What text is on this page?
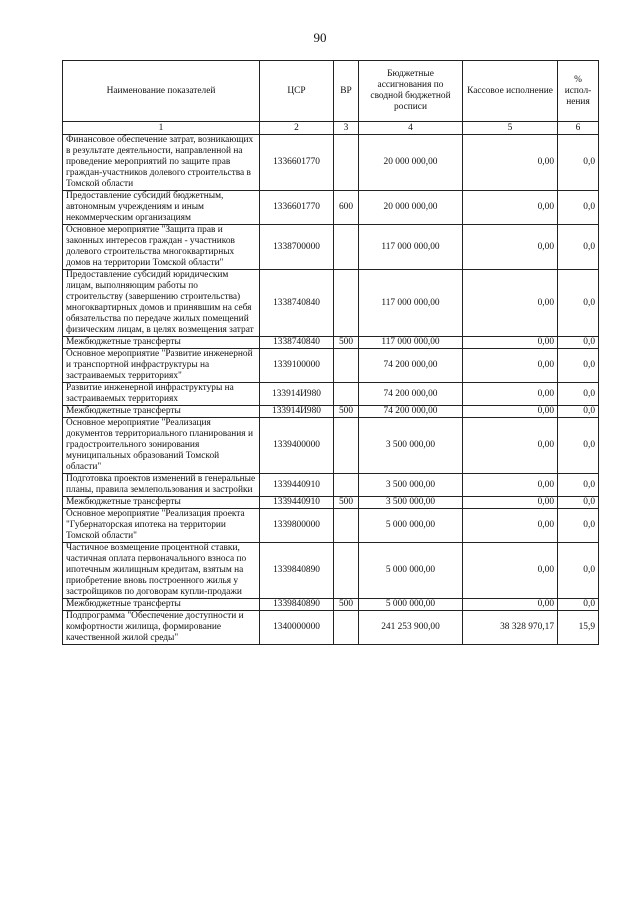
90
Наименование показателей	ЦСР	ВР	Бюджетные ассигнования по сводной бюджетной росписи	Кассовое исполнение	% испол-нения
1	2	3	4	5	6
Финансовое обеспечение затрат, возникающих в результате деятельности, направленной на проведение мероприятий по защите прав граждан-участников долевого строительства в Томской области	1336601770		20 000 000,00	0,00	0,0
Предоставление субсидий бюджетным, автономным учреждениям и иным некоммерческим организациям	1336601770	600	20 000 000,00	0,00	0,0
Основное мероприятие "Защита прав и законных интересов граждан - участников долевого строительства многоквартирных домов на территории Томской области"	1338700000		117 000 000,00	0,00	0,0
Предоставление субсидий юридическим лицам, выполняющим работы по строительству (завершению строительства) многоквартирных домов и принявшим на себя обязательства по передаче жилых помещений физическим лицам, в целях возмещения затрат	1338740840		117 000 000,00	0,00	0,0
Межбюджетные трансферты	1338740840	500	117 000 000,00	0,00	0,0
Основное мероприятие "Развитие инженерной и транспортной инфраструктуры на застраиваемых территориях"	1339100000		74 200 000,00	0,00	0,0
Развитие инженерной инфраструктуры на застраиваемых территориях	133914И980		74 200 000,00	0,00	0,0
Межбюджетные трансферты	133914И980	500	74 200 000,00	0,00	0,0
Основное мероприятие "Реализация документов территориального планирования и градостроительного зонирования муниципальных образований Томской области"	1339400000		3 500 000,00	0,00	0,0
Подготовка проектов изменений в генеральные планы, правила землепользования и застройки	1339440910		3 500 000,00	0,00	0,0
Межбюджетные трансферты	1339440910	500	3 500 000,00	0,00	0,0
Основное мероприятие "Реализация проекта "Губернаторская ипотека на территории Томской области"	1339800000		5 000 000,00	0,00	0,0
Частичное возмещение процентной ставки, частичная оплата первоначального взноса по ипотечным жилищным кредитам, взятым на приобретение вновь построенного жилья у застройщиков по договорам купли-продажи	1339840890		5 000 000,00	0,00	0,0
Межбюджетные трансферты	1339840890	500	5 000 000,00	0,00	0,0
Подпрограмма "Обеспечение доступности и комфортности жилища, формирование качественной жилой среды"	1340000000		241 253 900,00	38 328 970,17	15,9
